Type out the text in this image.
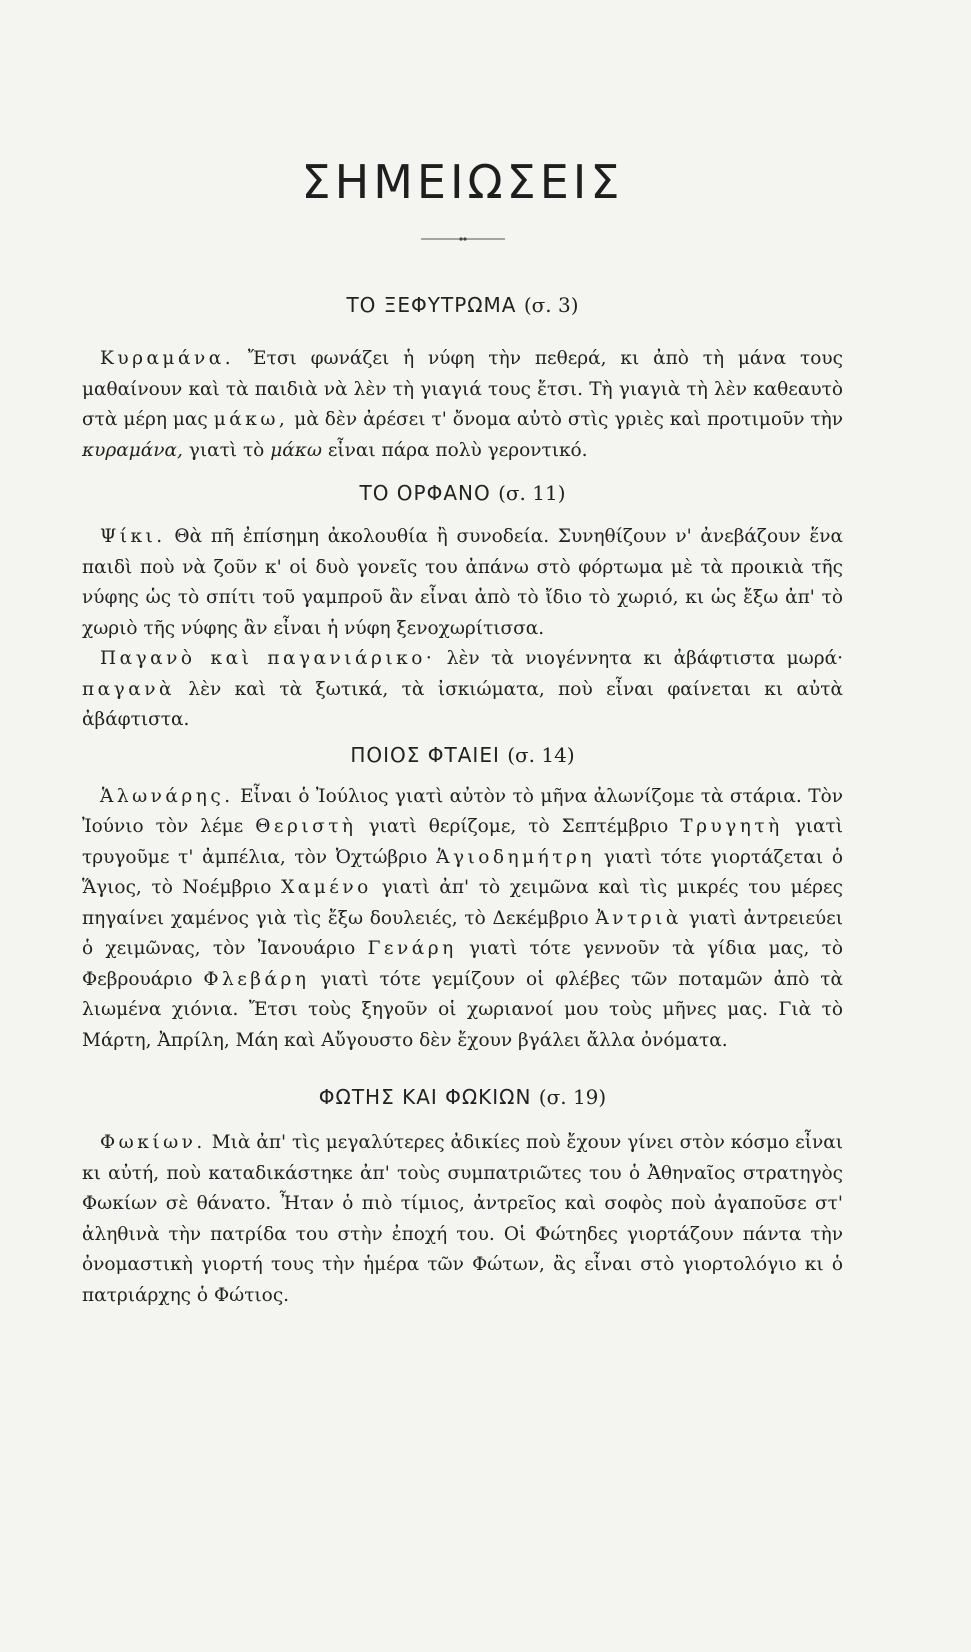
ΣΗΜΕΙΩΣΕΙΣ
ΤΟ ΞΕΦΥΤΡΩΜΑ (σ. 3)

Κυραμάνα. Ἔτσι φωνάζει ἡ νύφη τὴν πεθερά, κι ἀπὸ τὴ μάνα τους μαθαίνουν καὶ τὰ παιδιὰ νὰ λὲν τὴ γιαγιά τους ἔτσι. Τὴ γιαγιὰ τὴ λὲν καθεαυτὸ στὰ μέρη μας μάκω, μὰ δὲν ἀρέσει τ' ὄνομα αὐτὸ στὶς γριὲς καὶ προτιμοῦν τὴν κυραμάνα, γιατὶ τὸ μάκω εἶναι πάρα πολὺ γεροντικό.

ΤΟ ΟΡΦΑΝΟ (σ. 11)

Ψίκι. Θὰ πῆ ἐπίσημη ἀκολουθία ἢ συνοδεία. Συνηθίζουν ν' ἀνεβάζουν ἕνα παιδὶ ποὺ νὰ ζοῦν κ' οἱ δυὸ γονεῖς του ἀπάνω στὸ φόρτωμα μὲ τὰ προικιὰ τῆς νύφης ὡς τὸ σπίτι τοῦ γαμπροῦ ἂν εἶναι ἀπὸ τὸ ἴδιο τὸ χωριό, κι ὡς ἔξω ἀπ' τὸ χωριὸ τῆς νύφης ἂν εἶναι ἡ νύφη ξενοχωρίτισσα.

Παγανὸ καὶ παγανιάρικο· λὲν τὰ νιογέννητα κι ἀβάφτιστα μωρά· παγανὰ λὲν καὶ τὰ ξωτικά, τὰ ἰσκιώματα, ποὺ εἶναι φαίνεται κι αὐτὰ ἀβάφτιστα.

ΠΟΙΟΣ ΦΤΑΙΕΙ (σ. 14)

Ἁλωνάρης. Εἶναι ὁ Ἰούλιος γιατὶ αὐτὸν τὸ μῆνα ἀλωνίζομε τὰ στάρια. Τὸν Ἰούνιο τὸν λέμε Θεριστὴ γιατὶ θερίζομε, τὸ Σεπτέμβριο Τρυγητὴ γιατὶ τρυγοῦμε τ' ἀμπέλια, τὸν Ὀχτώβριο Ἁγιοδημήτρη γιατὶ τότε γιορτάζεται ὁ Ἅγιος, τὸ Νοέμβριο Χαμένο γιατὶ ἀπ' τὸ χειμῶνα καὶ τὶς μικρές του μέρες πηγαίνει χαμένος γιὰ τὶς ἔξω δουλειές, τὸ Δεκέμβριο Ἀντριὰ γιατὶ ἀντρειεύει ὁ χειμῶνας, τὸν Ἰανουάριο Γενάρη γιατὶ τότε γεννοῦν τὰ γίδια μας, τὸ Φεβρουάριο Φλεβάρη γιατὶ τότε γεμίζουν οἱ φλέβες τῶν ποταμῶν ἀπὸ τὰ λιωμένα χιόνια. Ἔτσι τοὺς ξηγοῦν οἱ χωριανοί μου τοὺς μῆνες μας. Γιὰ τὸ Μάρτη, Ἀπρίλη, Μάη καὶ Αὔγουστο δὲν ἔχουν βγάλει ἄλλα ὀνόματα.

ΦΩΤΗΣ ΚΑΙ ΦΩΚΙΩΝ (σ. 19)

Φωκίων. Μιὰ ἀπ' τὶς μεγαλύτερες ἀδικίες ποὺ ἔχουν γίνει στὸν κόσμο εἶναι κι αὐτή, ποὺ καταδικάστηκε ἀπ' τοὺς συμπατριῶτες του ὁ Ἀθηναῖος στρατηγὸς Φωκίων σὲ θάνατο. Ἦταν ὁ πιὸ τίμιος, ἀντρεῖος καὶ σοφὸς ποὺ ἀγαποῦσε στ' ἀληθινὰ τὴν πατρίδα του στὴν ἐποχή του. Οἱ Φώτηδες γιορτάζουν πάντα τὴν ὀνομαστικὴ γιορτή τους τὴν ἡμέρα τῶν Φώτων, ἂς εἶναι στὸ γιορτολόγιο κι ὁ πατριάρχης ὁ Φώτιος.
